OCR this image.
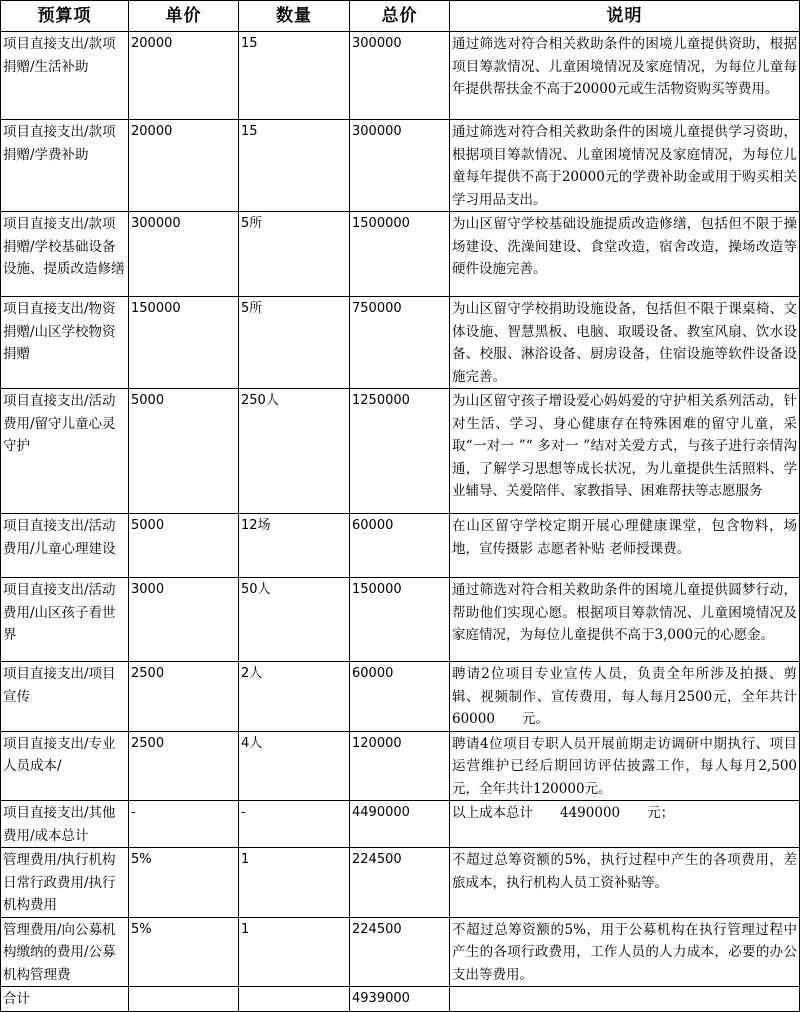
预算项	单价	数量	总价	说明
项目直接支出/款项捐赠/生活补助	20000	15	300000	通过筛选对符合相关救助条件的困境儿童提供资助，根据项目筹款情况、儿童困境情况及家庭情况，为每位儿童每年提供帮扶金不高于20000元或生活物资购买等费用。
项目直接支出/款项捐赠/学费补助	20000	15	300000	通过筛选对符合相关救助条件的困境儿童提供学习资助，根据项目筹款情况、儿童困境情况及家庭情况，为每位儿童每年提供不高于20000元的学费补助金或用于购买相关学习用品支出。
项目直接支出/款项捐赠/学校基础设备设施、提质改造修缮	300000	5所	1500000	为山区留守学校基础设施提质改造修缮，包括但不限于操场建设、洗澡间建设、食堂改造，宿舍改造，操场改造等硬件设施完善。
项目直接支出/物资捐赠/山区学校物资捐赠	150000	5所	750000	为山区留守学校捐助设施设备，包括但不限于课桌椅、文体设施、智慧黑板、电脑、取暖设备、教室风扇、饮水设备、校服、淋浴设备、厨房设备，住宿设施等软件设备设施完善。
项目直接支出/活动费用/留守儿童心灵守护	5000	250人	1250000	为山区留守孩子增设爱心妈妈爱的守护相关系列活动，针对生活、学习、身心健康存在特殊困难的留守儿童，采取“一对一 ”“ 多对一 ”结对关爱方式，与孩子进行亲情沟通，了解学习思想等成长状况，为儿童提供生活照料、学业辅导、关爱陪伴、家教指导、困难帮扶等志愿服务
项目直接支出/活动费用/儿童心理建设	5000	12场	60000	在山区留守学校定期开展心理健康课堂，包含物料，场地，宣传摄影 志愿者补贴 老师授课费。
项目直接支出/活动费用/山区孩子看世界	3000	50人	150000	通过筛选对符合相关救助条件的困境儿童提供圆梦行动，帮助他们实现心愿。根据项目筹款情况、儿童困境情况及家庭情况，为每位儿童提供不高于3,000元的心愿金。
项目直接支出/项目宣传	2500	2人	60000	聘请2位项目专业宣传人员，负责全年所涉及拍摄、剪辑、视频制作、宣传费用，每人每月2500元，全年共计　60000　　元。
项目直接支出/专业人员成本/	2500	4人	120000	聘请4位项目专职人员开展前期走访调研中期执行、项目运营维护已经后期回访评估披露工作，每人每月2,500元，全年共计120000元。
项目直接支出/其他费用/成本总计	-	-	4490000	以上成本总计　　4490000　　元；
管理费用/执行机构日常行政费用/执行机构费用	5%	1	224500	不超过总筹资额的5%，执行过程中产生的各项费用，差旅成本，执行机构人员工资补贴等。
管理费用/向公募机构缴纳的费用/公募机构管理费	5%	1	224500	不超过总筹资额的5%，用于公募机构在执行管理过程中产生的各项行政费用，工作人员的人力成本，必要的办公支出等费用。
合计			4939000	
